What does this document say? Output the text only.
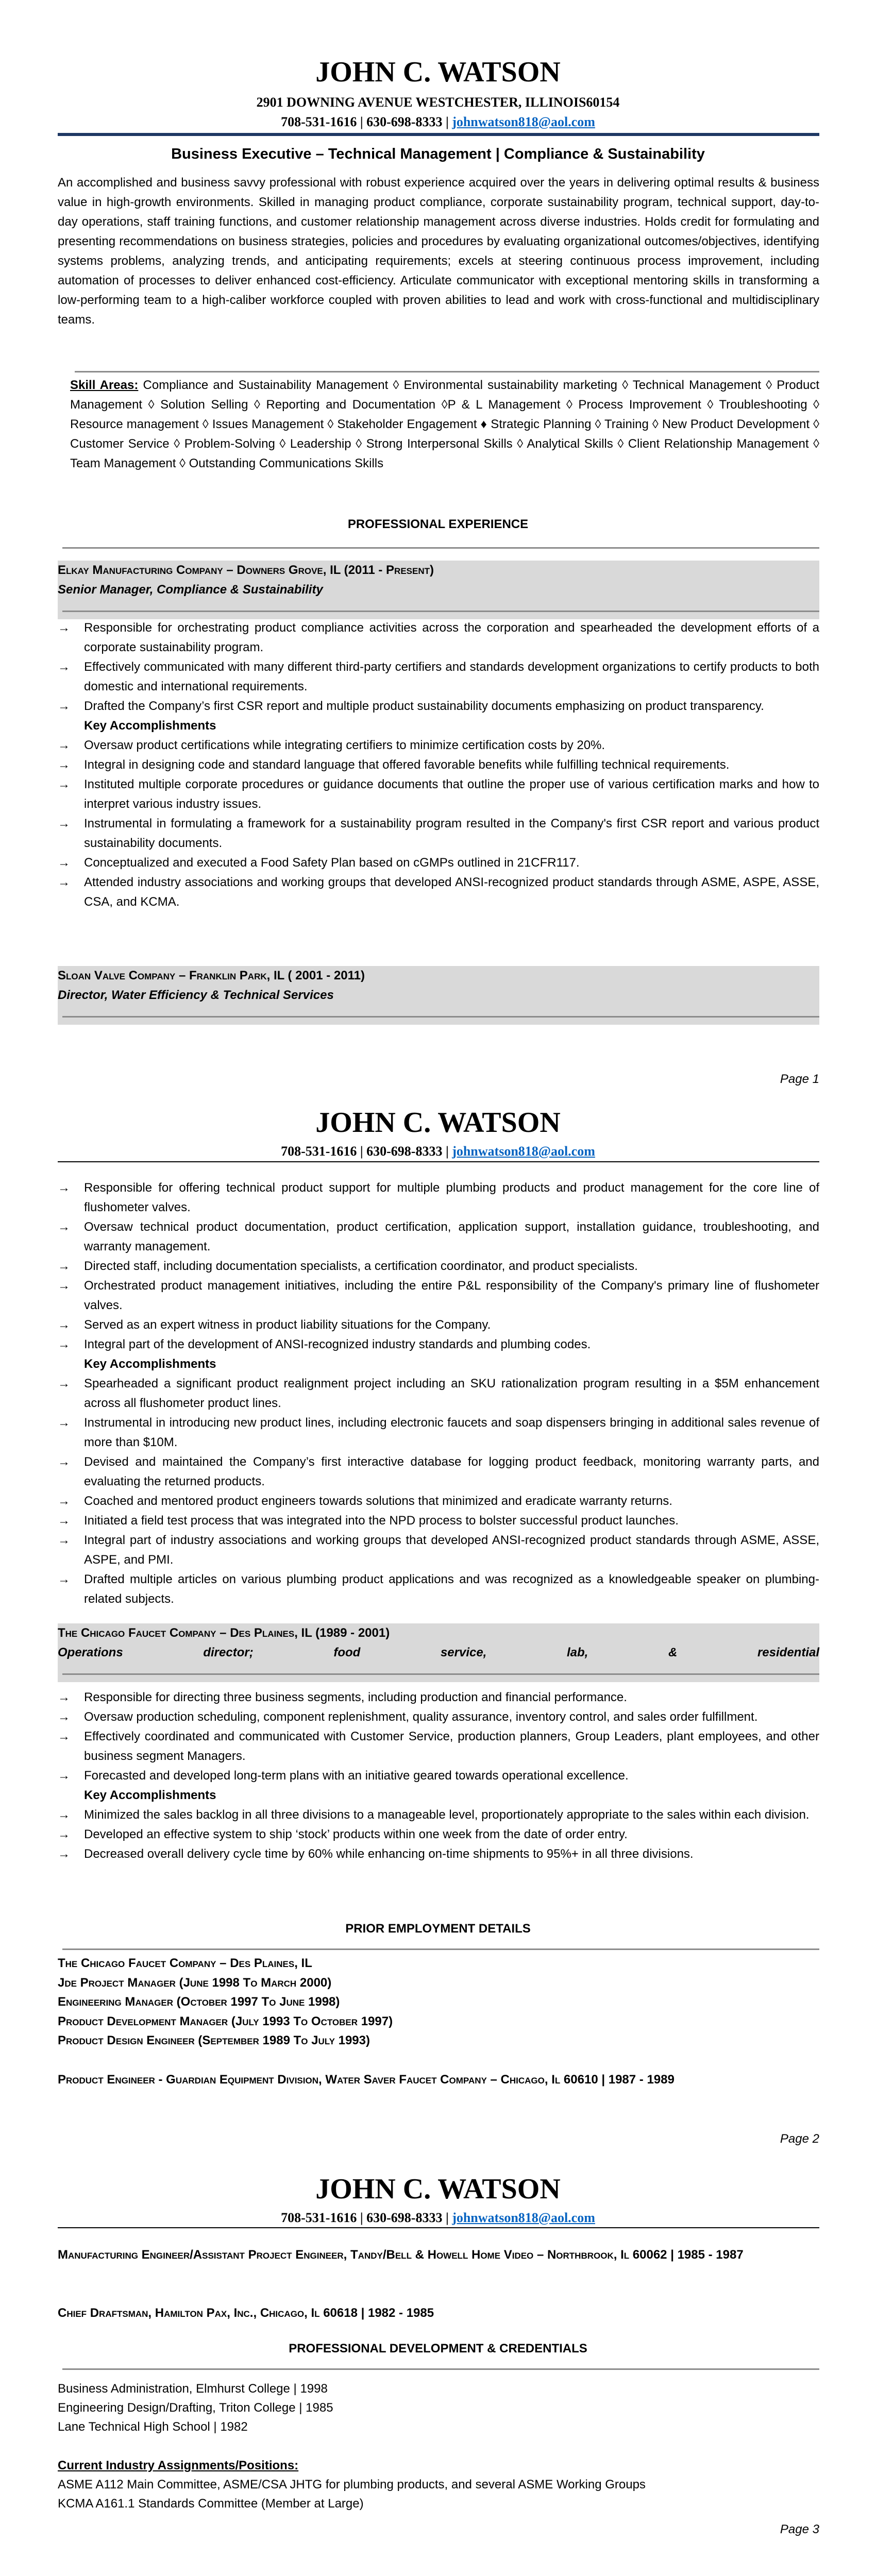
JOHN C. WATSON
2901 DOWNING AVENUE WESTCHESTER, ILLINOIS60154
708-531-1616 | 630-698-8333 | johnwatson818@aol.com
Business Executive – Technical Management | Compliance & Sustainability
An accomplished and business savvy professional with robust experience acquired over the years in delivering optimal results & business value in high-growth environments. Skilled in managing product compliance, corporate sustainability program, technical support, day-to-day operations, staff training functions, and customer relationship management across diverse industries. Holds credit for formulating and presenting recommendations on business strategies, policies and procedures by evaluating organizational outcomes/objectives, identifying systems problems, analyzing trends, and anticipating requirements; excels at steering continuous process improvement, including automation of processes to deliver enhanced cost-efficiency. Articulate communicator with exceptional mentoring skills in transforming a low-performing team to a high-caliber workforce coupled with proven abilities to lead and work with cross-functional and multidisciplinary teams.
Skill Areas: Compliance and Sustainability Management ◊ Environmental sustainability marketing ◊ Technical Management ◊ Product Management ◊ Solution Selling ◊ Reporting and Documentation ◊P & L Management ◊ Process Improvement ◊ Troubleshooting ◊ Resource management ◊ Issues Management ◊ Stakeholder Engagement ♦ Strategic Planning ◊ Training ◊ New Product Development ◊ Customer Service ◊ Problem-Solving ◊ Leadership ◊ Strong Interpersonal Skills ◊ Analytical Skills ◊ Client Relationship Management ◊ Team Management ◊ Outstanding Communications Skills
PROFESSIONAL EXPERIENCE
Elkay Manufacturing Company – Downers Grove, IL (2011 - Present)
Senior Manager, Compliance & Sustainability
→ Responsible for orchestrating product compliance activities across the corporation and spearheaded the development efforts of a corporate sustainability program.
→ Effectively communicated with many different third-party certifiers and standards development organizations to certify products to both domestic and international requirements.
→ Drafted the Company’s first CSR report and multiple product sustainability documents emphasizing on product transparency.
Key Accomplishments
→ Oversaw product certifications while integrating certifiers to minimize certification costs by 20%.
→ Integral in designing code and standard language that offered favorable benefits while fulfilling technical requirements.
→ Instituted multiple corporate procedures or guidance documents that outline the proper use of various certification marks and how to interpret various industry issues.
→ Instrumental in formulating a framework for a sustainability program resulted in the Company's first CSR report and various product sustainability documents.
→ Conceptualized and executed a Food Safety Plan based on cGMPs outlined in 21CFR117.
→ Attended industry associations and working groups that developed ANSI-recognized product standards through ASME, ASPE, ASSE, CSA, and KCMA.
Sloan Valve Company – Franklin Park, IL ( 2001 - 2011)
Director, Water Efficiency & Technical Services
Page 1
JOHN C. WATSON
708-531-1616 | 630-698-8333 | johnwatson818@aol.com
→ Responsible for offering technical product support for multiple plumbing products and product management for the core line of flushometer valves.
→ Oversaw technical product documentation, product certification, application support, installation guidance, troubleshooting, and warranty management.
→ Directed staff, including documentation specialists, a certification coordinator, and product specialists.
→ Orchestrated product management initiatives, including the entire P&L responsibility of the Company's primary line of flushometer valves.
→ Served as an expert witness in product liability situations for the Company.
→ Integral part of the development of ANSI-recognized industry standards and plumbing codes.
Key Accomplishments
→ Spearheaded a significant product realignment project including an SKU rationalization program resulting in a $5M enhancement across all flushometer product lines.
→ Instrumental in introducing new product lines, including electronic faucets and soap dispensers bringing in additional sales revenue of more than $10M.
→ Devised and maintained the Company’s first interactive database for logging product feedback, monitoring warranty parts, and evaluating the returned products.
→ Coached and mentored product engineers towards solutions that minimized and eradicate warranty returns.
→ Initiated a field test process that was integrated into the NPD process to bolster successful product launches.
→ Integral part of industry associations and working groups that developed ANSI-recognized product standards through ASME, ASSE, ASPE, and PMI.
→ Drafted multiple articles on various plumbing product applications and was recognized as a knowledgeable speaker on plumbing-related subjects.
The Chicago Faucet Company – Des Plaines, IL (1989 - 2001)
Operations director; food service, lab, & residential
→ Responsible for directing three business segments, including production and financial performance.
→ Oversaw production scheduling, component replenishment, quality assurance, inventory control, and sales order fulfillment.
→ Effectively coordinated and communicated with Customer Service, production planners, Group Leaders, plant employees, and other business segment Managers.
→ Forecasted and developed long-term plans with an initiative geared towards operational excellence.
Key Accomplishments
→ Minimized the sales backlog in all three divisions to a manageable level, proportionately appropriate to the sales within each division.
→ Developed an effective system to ship ‘stock’ products within one week from the date of order entry.
→ Decreased overall delivery cycle time by 60% while enhancing on-time shipments to 95%+ in all three divisions.
PRIOR EMPLOYMENT DETAILS
The Chicago Faucet Company – Des Plaines, IL
Jde Project Manager (June 1998 To March 2000)
Engineering Manager (October 1997 To June 1998)
Product Development Manager (July 1993 To October 1997)
Product Design Engineer (September 1989 To July 1993)
Product Engineer - Guardian Equipment Division, Water Saver Faucet Company – Chicago, Il 60610 | 1987 - 1989
Page 2
JOHN C. WATSON
708-531-1616 | 630-698-8333 | johnwatson818@aol.com
Manufacturing Engineer/Assistant Project Engineer, Tandy/Bell & Howell Home Video – Northbrook, Il 60062 | 1985 - 1987
Chief Draftsman, Hamilton Pax, Inc., Chicago, Il 60618 | 1982 - 1985
PROFESSIONAL DEVELOPMENT & CREDENTIALS
Business Administration, Elmhurst College | 1998
Engineering Design/Drafting, Triton College | 1985
Lane Technical High School | 1982
Current Industry Assignments/Positions:
ASME A112 Main Committee, ASME/CSA JHTG for plumbing products, and several ASME Working Groups
KCMA A161.1 Standards Committee (Member at Large)
Page 3
